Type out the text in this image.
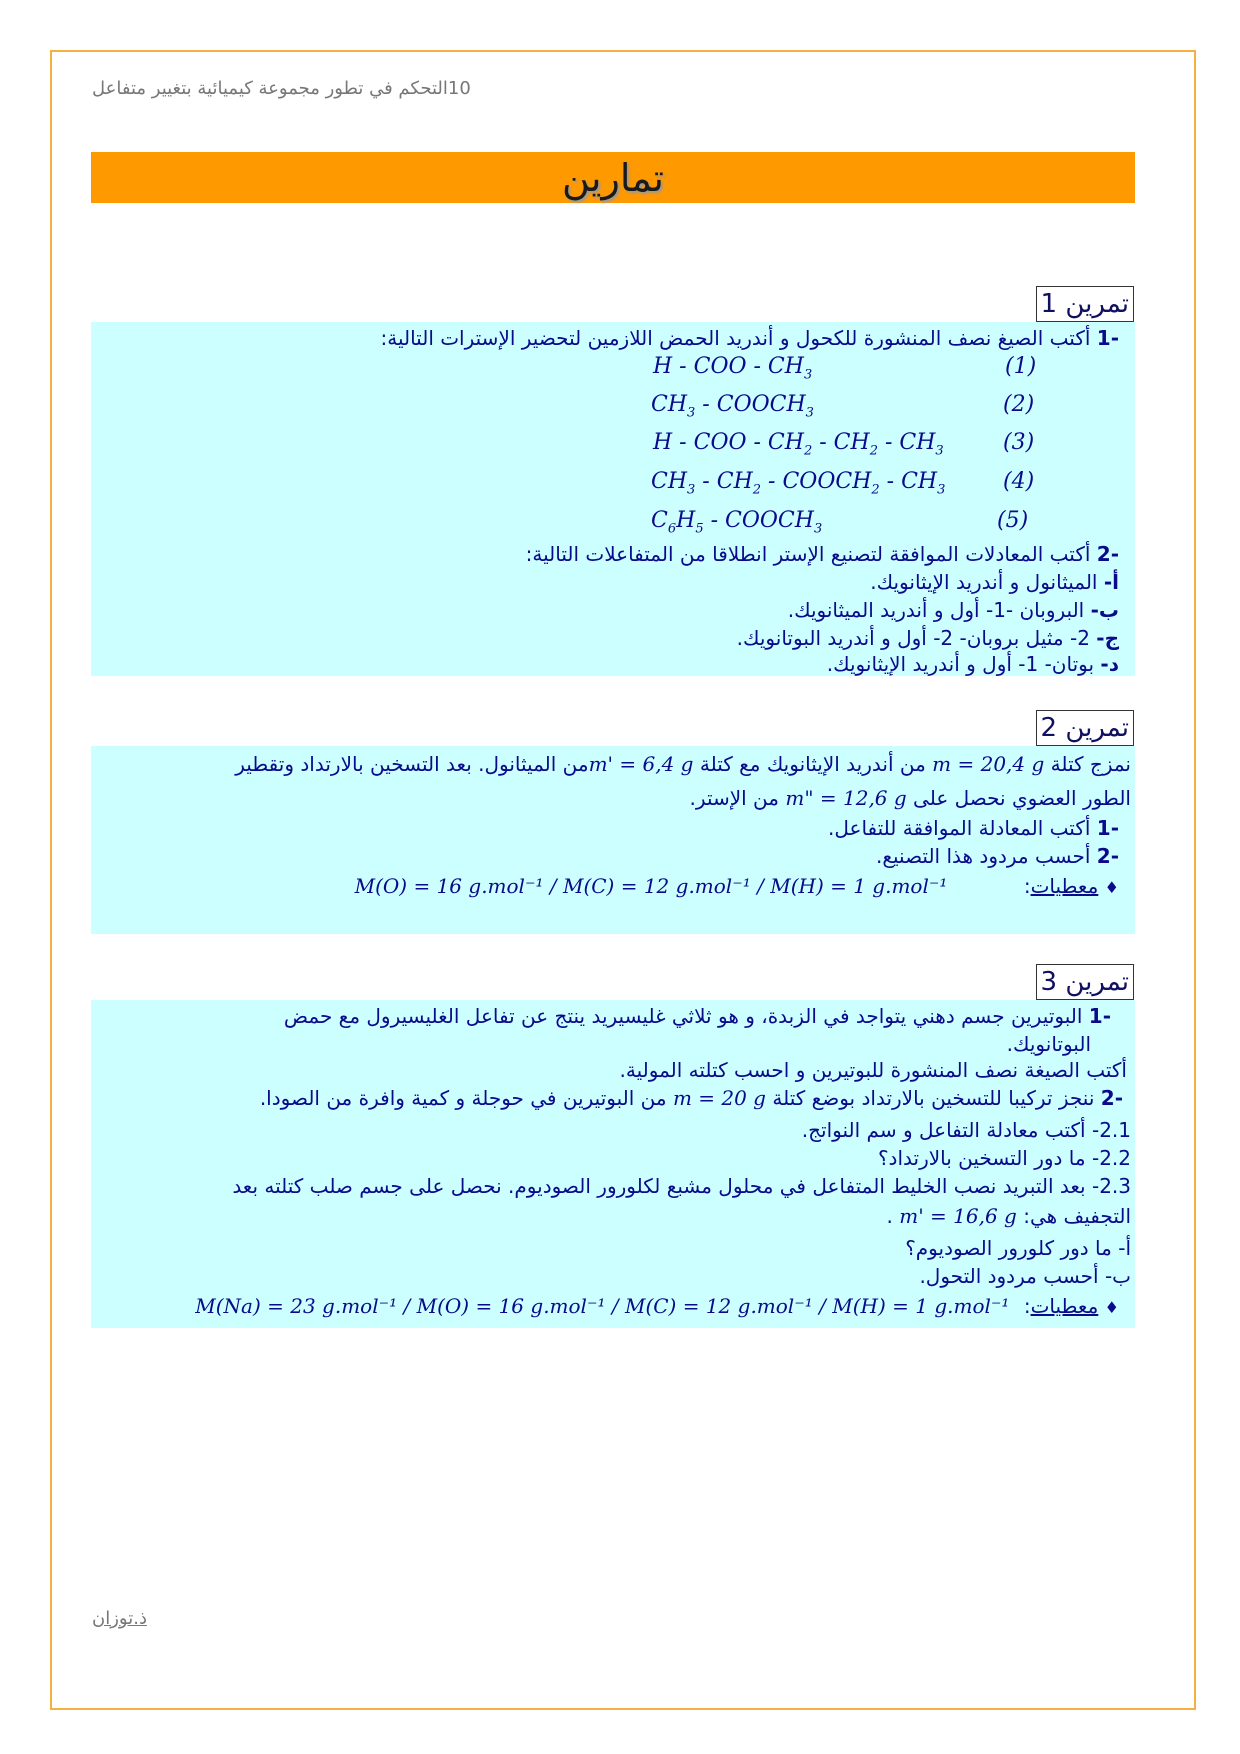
10التحكم في تطور مجموعة كيميائية بتغيير متفاعل
تمارين
تمرين 1
-1 أكتب الصيغ نصف المنشورة للكحول و أندريد الحمض اللازمين لتحضير الإسترات التالية:
H - COO - $CH_3$	(1)
$CH_3$ - $COOCH_3$	(2)
H - COO - $CH_2 - CH_2 - CH_3$	(3)
$CH_3 - CH_2$ - $COOCH_2 - CH_3$	(4)
$C_6H_5$ - $COOCH_3$	(5)
-2 أكتب المعادلات الموافقة لتصنيع الإستر انطلاقا من المتفاعلات التالية:
أ- الميثانول و أندريد الإيثانويك.
ب- البروبان -1- أول و أندريد الميثانويك.
ج- 2- مثيل بروبان- 2- أول و أندريد البوتانويك.
د- بوتان- 1- أول و أندريد الإيثانويك.
تمرين 2
نمزج كتلة m = 20,4 g من أندريد الإيثانويك مع كتلة m' = 6,4 gمن الميثانول. بعد التسخين بالارتداد وتقطير
الطور العضوي نحصل على m" = 12,6 g من الإستر.
-1 أكتب المعادلة الموافقة للتفاعل.
-2 أحسب مردود هذا التصنيع.
♦ معطيات: M(O) = 16 g.mol⁻¹ / M(C) = 12 g.mol⁻¹ / M(H) = 1 g.mol⁻¹
تمرين 3
-1 البوتيرين جسم دهني يتواجد في الزبدة، و هو ثلاثي غليسيريد ينتج عن تفاعل الغليسيرول مع حمض
البوتانويك.
أكتب الصيغة نصف المنشورة للبوتيرين و احسب كتلته المولية.
-2 ننجز تركيبا للتسخين بالارتداد بوضع كتلة m = 20 g من البوتيرين في حوجلة و كمية وافرة من الصودا.
2.1- أكتب معادلة التفاعل و سم النواتج.
2.2- ما دور التسخين بالارتداد؟
2.3- بعد التبريد نصب الخليط المتفاعل في محلول مشبع لكلورور الصوديوم. نحصل على جسم صلب كتلته بعد
التجفيف هي: m' = 16,6 g .
أ- ما دور كلورور الصوديوم؟
ب- أحسب مردود التحول.
♦ معطيات: M(Na) = 23 g.mol⁻¹ / M(O) = 16 g.mol⁻¹ / M(C) = 12 g.mol⁻¹ / M(H) = 1 g.mol⁻¹
ذ.توزان
